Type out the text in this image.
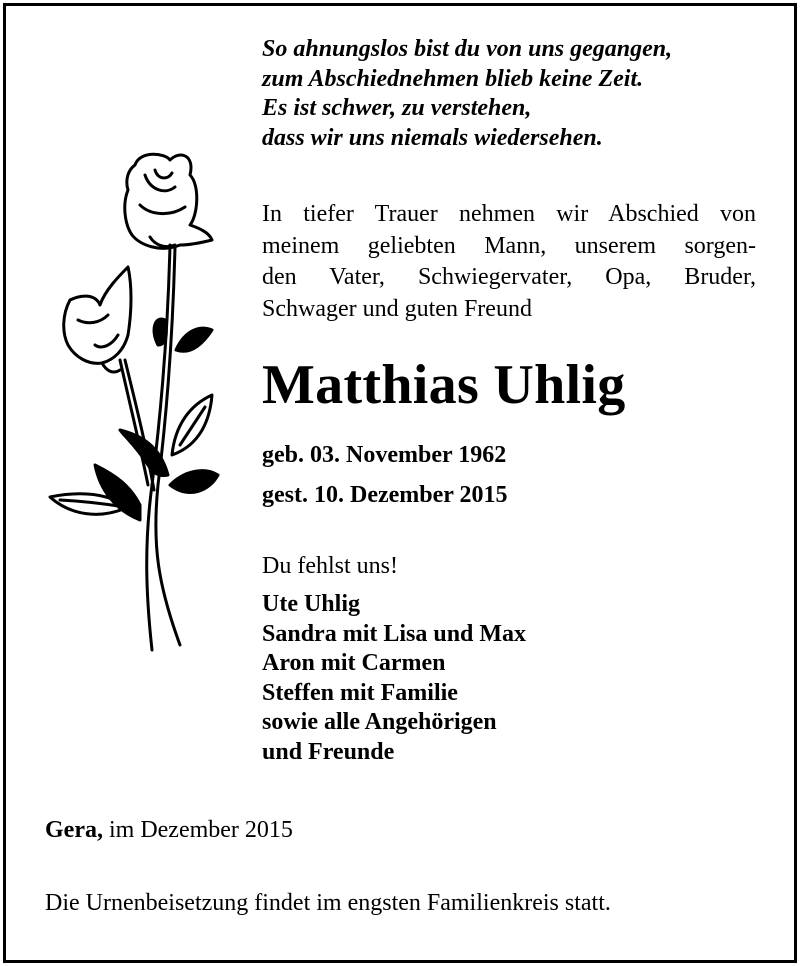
So ahnungslos bist du von uns gegangen,
zum Abschiednehmen blieb keine Zeit.
Es ist schwer, zu verstehen,
dass wir uns niemals wiedersehen.
In tiefer Trauer nehmen wir Abschied von
meinem geliebten Mann, unserem sorgen-
den Vater, Schwiegervater, Opa, Bruder,
Schwager und guten Freund
Matthias Uhlig
geb. 03. November 1962
gest. 10. Dezember 2015
Du fehlst uns!
Ute Uhlig
Sandra mit Lisa und Max
Aron mit Carmen
Steffen mit Familie
sowie alle Angehörigen
und Freunde
Gera, im Dezember 2015
Die Urnenbeisetzung findet im engsten Familienkreis statt.
